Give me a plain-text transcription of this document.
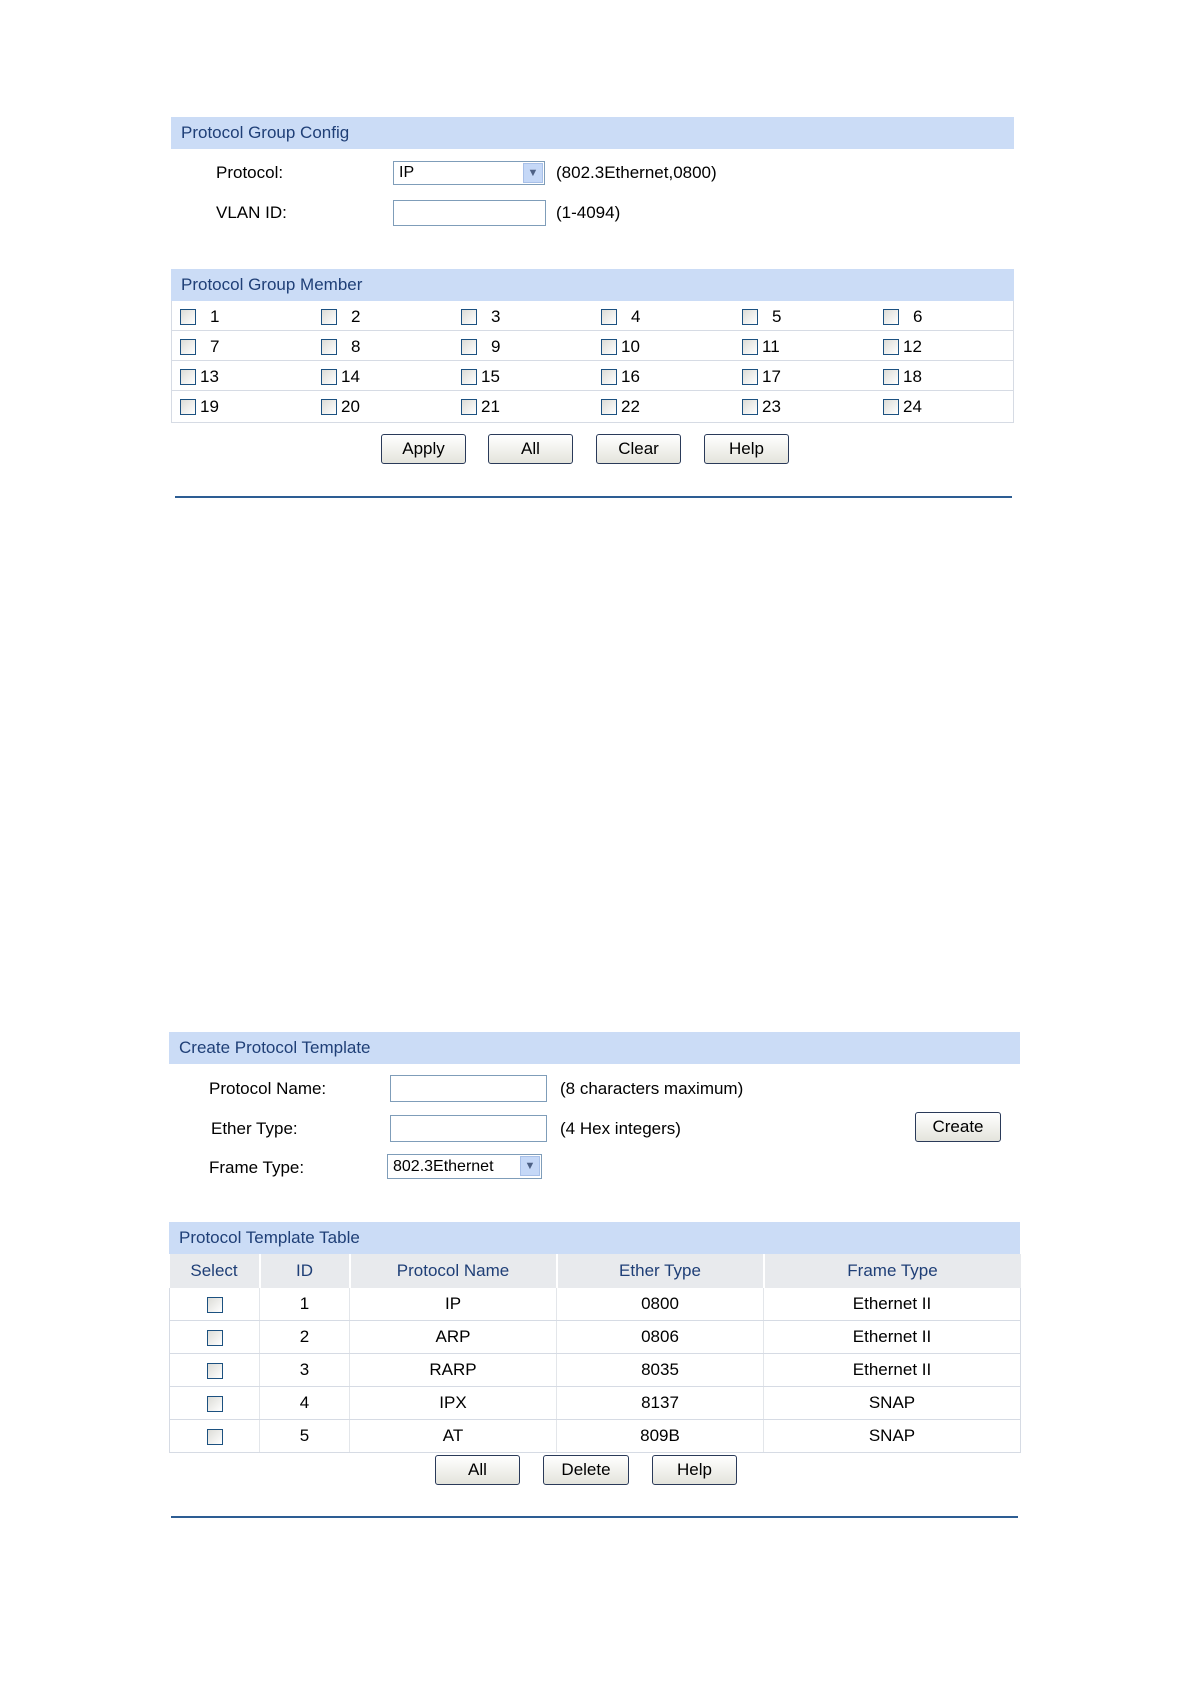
Protocol Group Config
Protocol:	IP	▼ (802.3Ethernet,0800)
VLAN ID:	(1-4094)
Protocol Group Member
1	2	3	4	5	6
7	8	9	10	11	12
13	14	15	16	17	18
19	20	21	22	23	24
Apply	All	Clear	Help
Create Protocol Template
Protocol Name:	(8 characters maximum)
Ether Type:	(4 Hex integers)	Create
Frame Type:	802.3Ethernet	▼
Protocol Template Table
Select	ID	Protocol Name	Ether Type	Frame Type
	1	IP	0800	Ethernet II
	2	ARP	0806	Ethernet II
	3	RARP	8035	Ethernet II
	4	IPX	8137	SNAP
	5	AT	809B	SNAP
All	Delete	Help
